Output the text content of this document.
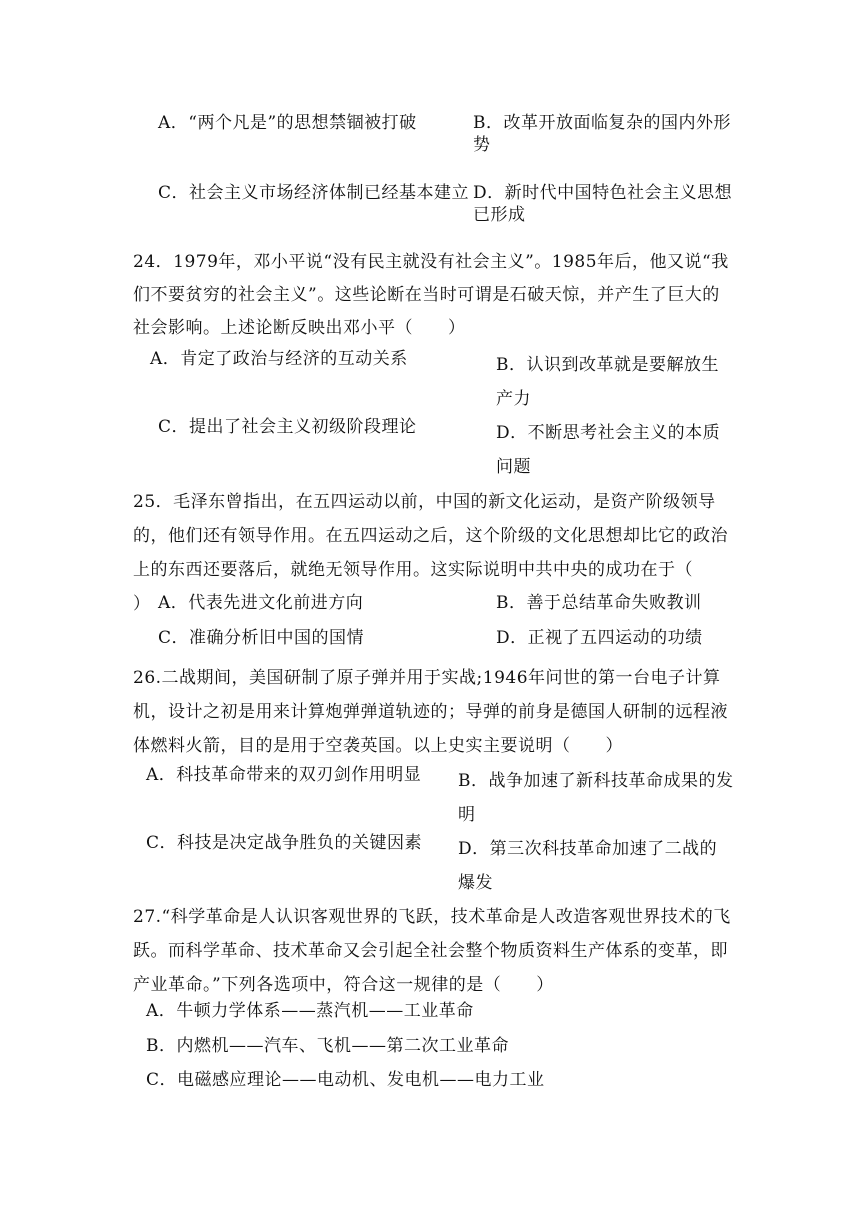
A．“两个凡是”的思想禁锢被打破	B．改革开放面临复杂的国内外形势
C．社会主义市场经济体制已经基本建立 D．新时代中国特色社会主义思想已形成
24．1979年，邓小平说“没有民主就没有社会主义”。1985年后，他又说“我们不要贫穷的社会主义”。这些论断在当时可谓是石破天惊，并产生了巨大的社会影响。上述论断反映出邓小平（　　）
A．肯定了政治与经济的互动关系	B．认识到改革就是要解放生产力
C．提出了社会主义初级阶段理论	D．不断思考社会主义的本质问题
25．毛泽东曾指出，在五四运动以前，中国的新文化运动，是资产阶级领导的，他们还有领导作用。在五四运动之后，这个阶级的文化思想却比它的政治上的东西还要落后，就绝无领导作用。这实际说明中共中央的成功在于（　　） A．代表先进文化前进方向	B．善于总结革命失败教训
C．准确分析旧中国的国情	D．正视了五四运动的功绩
26.二战期间，美国研制了原子弹并用于实战;1946年问世的第一台电子计算机，设计之初是用来计算炮弹弹道轨迹的；导弹的前身是德国人研制的远程液体燃料火箭，目的是用于空袭英国。以上史实主要说明（　　）
A．科技革命带来的双刃剑作用明显 B．战争加速了新科技革命成果的发明
C．科技是决定战争胜负的关键因素 D．第三次科技革命加速了二战的爆发
27.“科学革命是人认识客观世界的飞跃，技术革命是人改造客观世界技术的飞跃。而科学革命、技术革命又会引起全社会整个物质资料生产体系的变革，即产业革命。”下列各选项中，符合这一规律的是（　　）
A．牛顿力学体系——蒸汽机——工业革命
B．内燃机——汽车、飞机——第二次工业革命
C．电磁感应理论——电动机、发电机——电力工业
